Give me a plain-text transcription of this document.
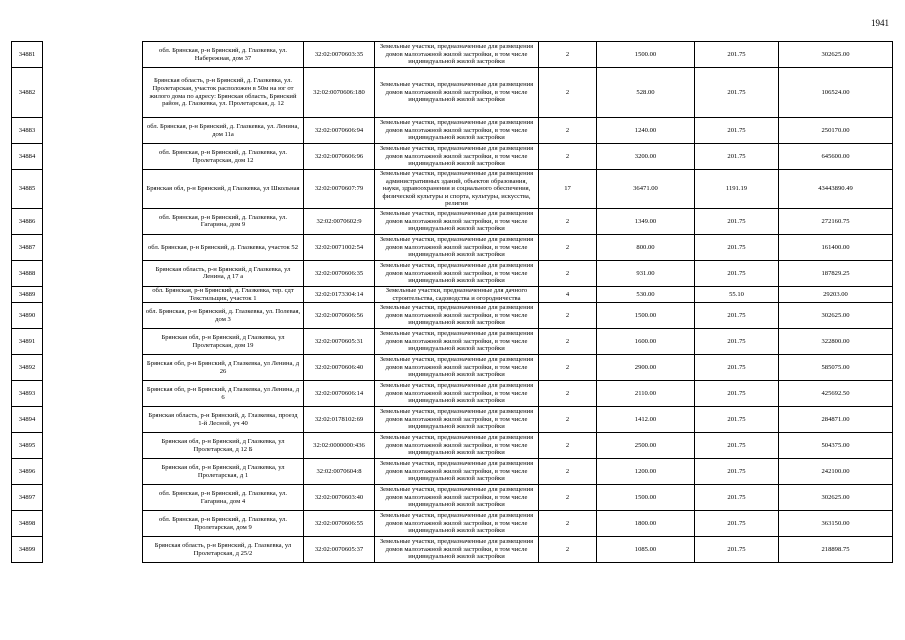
1941
34881		обл. Брянская, р-н Брянский, д. Глазкевка, ул. Набережная, дом 37	32:02:0070603:35	Земельные участки, предназначенные для размещения домов малоэтажной жилой застройки, в том числе индивидуальной жилой застройки	2	1500.00	201.75	302625.00
34882		Брянская область, р-н Брянский, д. Глазкевка, ул. Пролетарская, участок расположен в 50м на юг от жилого дома по адресу: Брянская область, Брянский район, д. Глазкевка, ул. Пролетарская, д. 12	32:02:0070606:180	Земельные участки, предназначенные для размещения домов малоэтажной жилой застройки, в том числе индивидуальной жилой застройки	2	528.00	201.75	106524.00
34883		обл. Брянская, р-н Брянский, д. Глазкевка, ул. Ленина, дом 11а	32:02:0070606:94	Земельные участки, предназначенные для размещения домов малоэтажной жилой застройки, в том числе индивидуальной жилой застройки	2	1240.00	201.75	250170.00
34884		обл. Брянская, р-н Брянский, д. Глазкевка, ул. Пролетарская, дом 12	32:02:0070606:96	Земельные участки, предназначенные для размещения домов малоэтажной жилой застройки, в том числе индивидуальной жилой застройки	2	3200.00	201.75	645600.00
34885		Брянская обл, р-н Брянский, д Глазкевка, ул Школьная	32:02:0070607:79	Земельные участки, предназначенные для размещения административных зданий, объектов образования, науки, здравоохранения и социального обеспечения, физической культуры и спорта, культуры, искусства, религии	17	36471.00	1191.19	43443890.49
34886		обл. Брянская, р-н Брянский, д. Глазкевка, ул. Гагарина, дом 9	32:02:0070602:9	Земельные участки, предназначенные для размещения домов малоэтажной жилой застройки, в том числе индивидуальной жилой застройки	2	1349.00	201.75	272160.75
34887		обл. Брянская, р-н Брянский, д. Глазкевка, участок 52	32:02:0071002:54	Земельные участки, предназначенные для размещения домов малоэтажной жилой застройки, в том числе индивидуальной жилой застройки	2	800.00	201.75	161400.00
34888		Брянская область, р-н Брянский, д Глазкевка, ул Ленина, д 17 а	32:02:0070606:35	Земельные участки, предназначенные для размещения домов малоэтажной жилой застройки, в том числе индивидуальной жилой застройки	2	931.00	201.75	187829.25
34889		обл. Брянская, р-н Брянский, д. Глазкевка, тер. сдт Текстильщик, участок 1	32:02:0173304:14	Земельные участки, предназначенные для дачного строительства, садоводства и огородничества	4	530.00	55.10	29203.00
34890		обл. Брянская, р-н Брянский, д. Глазкевка, ул. Полевая, дом 3	32:02:0070606:56	Земельные участки, предназначенные для размещения домов малоэтажной жилой застройки, в том числе индивидуальной жилой застройки	2	1500.00	201.75	302625.00
34891		Брянская обл, р-н Брянский, д Глазкевка, ул Пролетарская, дом 19	32:02:0070605:31	Земельные участки, предназначенные для размещения домов малоэтажной жилой застройки, в том числе индивидуальной жилой застройки	2	1600.00	201.75	322800.00
34892		Брянская обл, р-н Брянский, д Глазкевка, ул Ленина, д 26	32:02:0070606:40	Земельные участки, предназначенные для размещения домов малоэтажной жилой застройки, в том числе индивидуальной жилой застройки	2	2900.00	201.75	585075.00
34893		Брянская обл, р-н Брянский, д Глазкевка, ул Ленина, д 6	32:02:0070606:14	Земельные участки, предназначенные для размещения домов малоэтажной жилой застройки, в том числе индивидуальной жилой застройки	2	2110.00	201.75	425692.50
34894		Брянская область, р-н Брянский, д. Глазкевка, проезд 1-й Лесной, уч 40	32:02:0178102:69	Земельные участки, предназначенные для размещения домов малоэтажной жилой застройки, в том числе индивидуальной жилой застройки	2	1412.00	201.75	284871.00
34895		Брянская обл, р-н Брянский, д Глазкевка, ул Пролетарская, д 12 Б	32:02:0000000:436	Земельные участки, предназначенные для размещения домов малоэтажной жилой застройки, в том числе индивидуальной жилой застройки	2	2500.00	201.75	504375.00
34896		Брянская обл, р-н Брянский, д Глазкевка, ул Пролетарская, д 1	32:02:0070604:8	Земельные участки, предназначенные для размещения домов малоэтажной жилой застройки, в том числе индивидуальной жилой застройки	2	1200.00	201.75	242100.00
34897		обл. Брянская, р-н Брянский, д. Глазкевка, ул. Гагарина, дом 4	32:02:0070603:40	Земельные участки, предназначенные для размещения домов малоэтажной жилой застройки, в том числе индивидуальной жилой застройки	2	1500.00	201.75	302625.00
34898		обл. Брянская, р-н Брянский, д. Глазкевка, ул. Пролетарская, дом 9	32:02:0070606:55	Земельные участки, предназначенные для размещения домов малоэтажной жилой застройки, в том числе индивидуальной жилой застройки	2	1800.00	201.75	363150.00
34899		Брянская область, р-н Брянский, д. Глазкевка, ул Пролетарская, д 25/2	32:02:0070605:37	Земельные участки, предназначенные для размещения домов малоэтажной жилой застройки, в том числе индивидуальной жилой застройки	2	1085.00	201.75	218898.75
